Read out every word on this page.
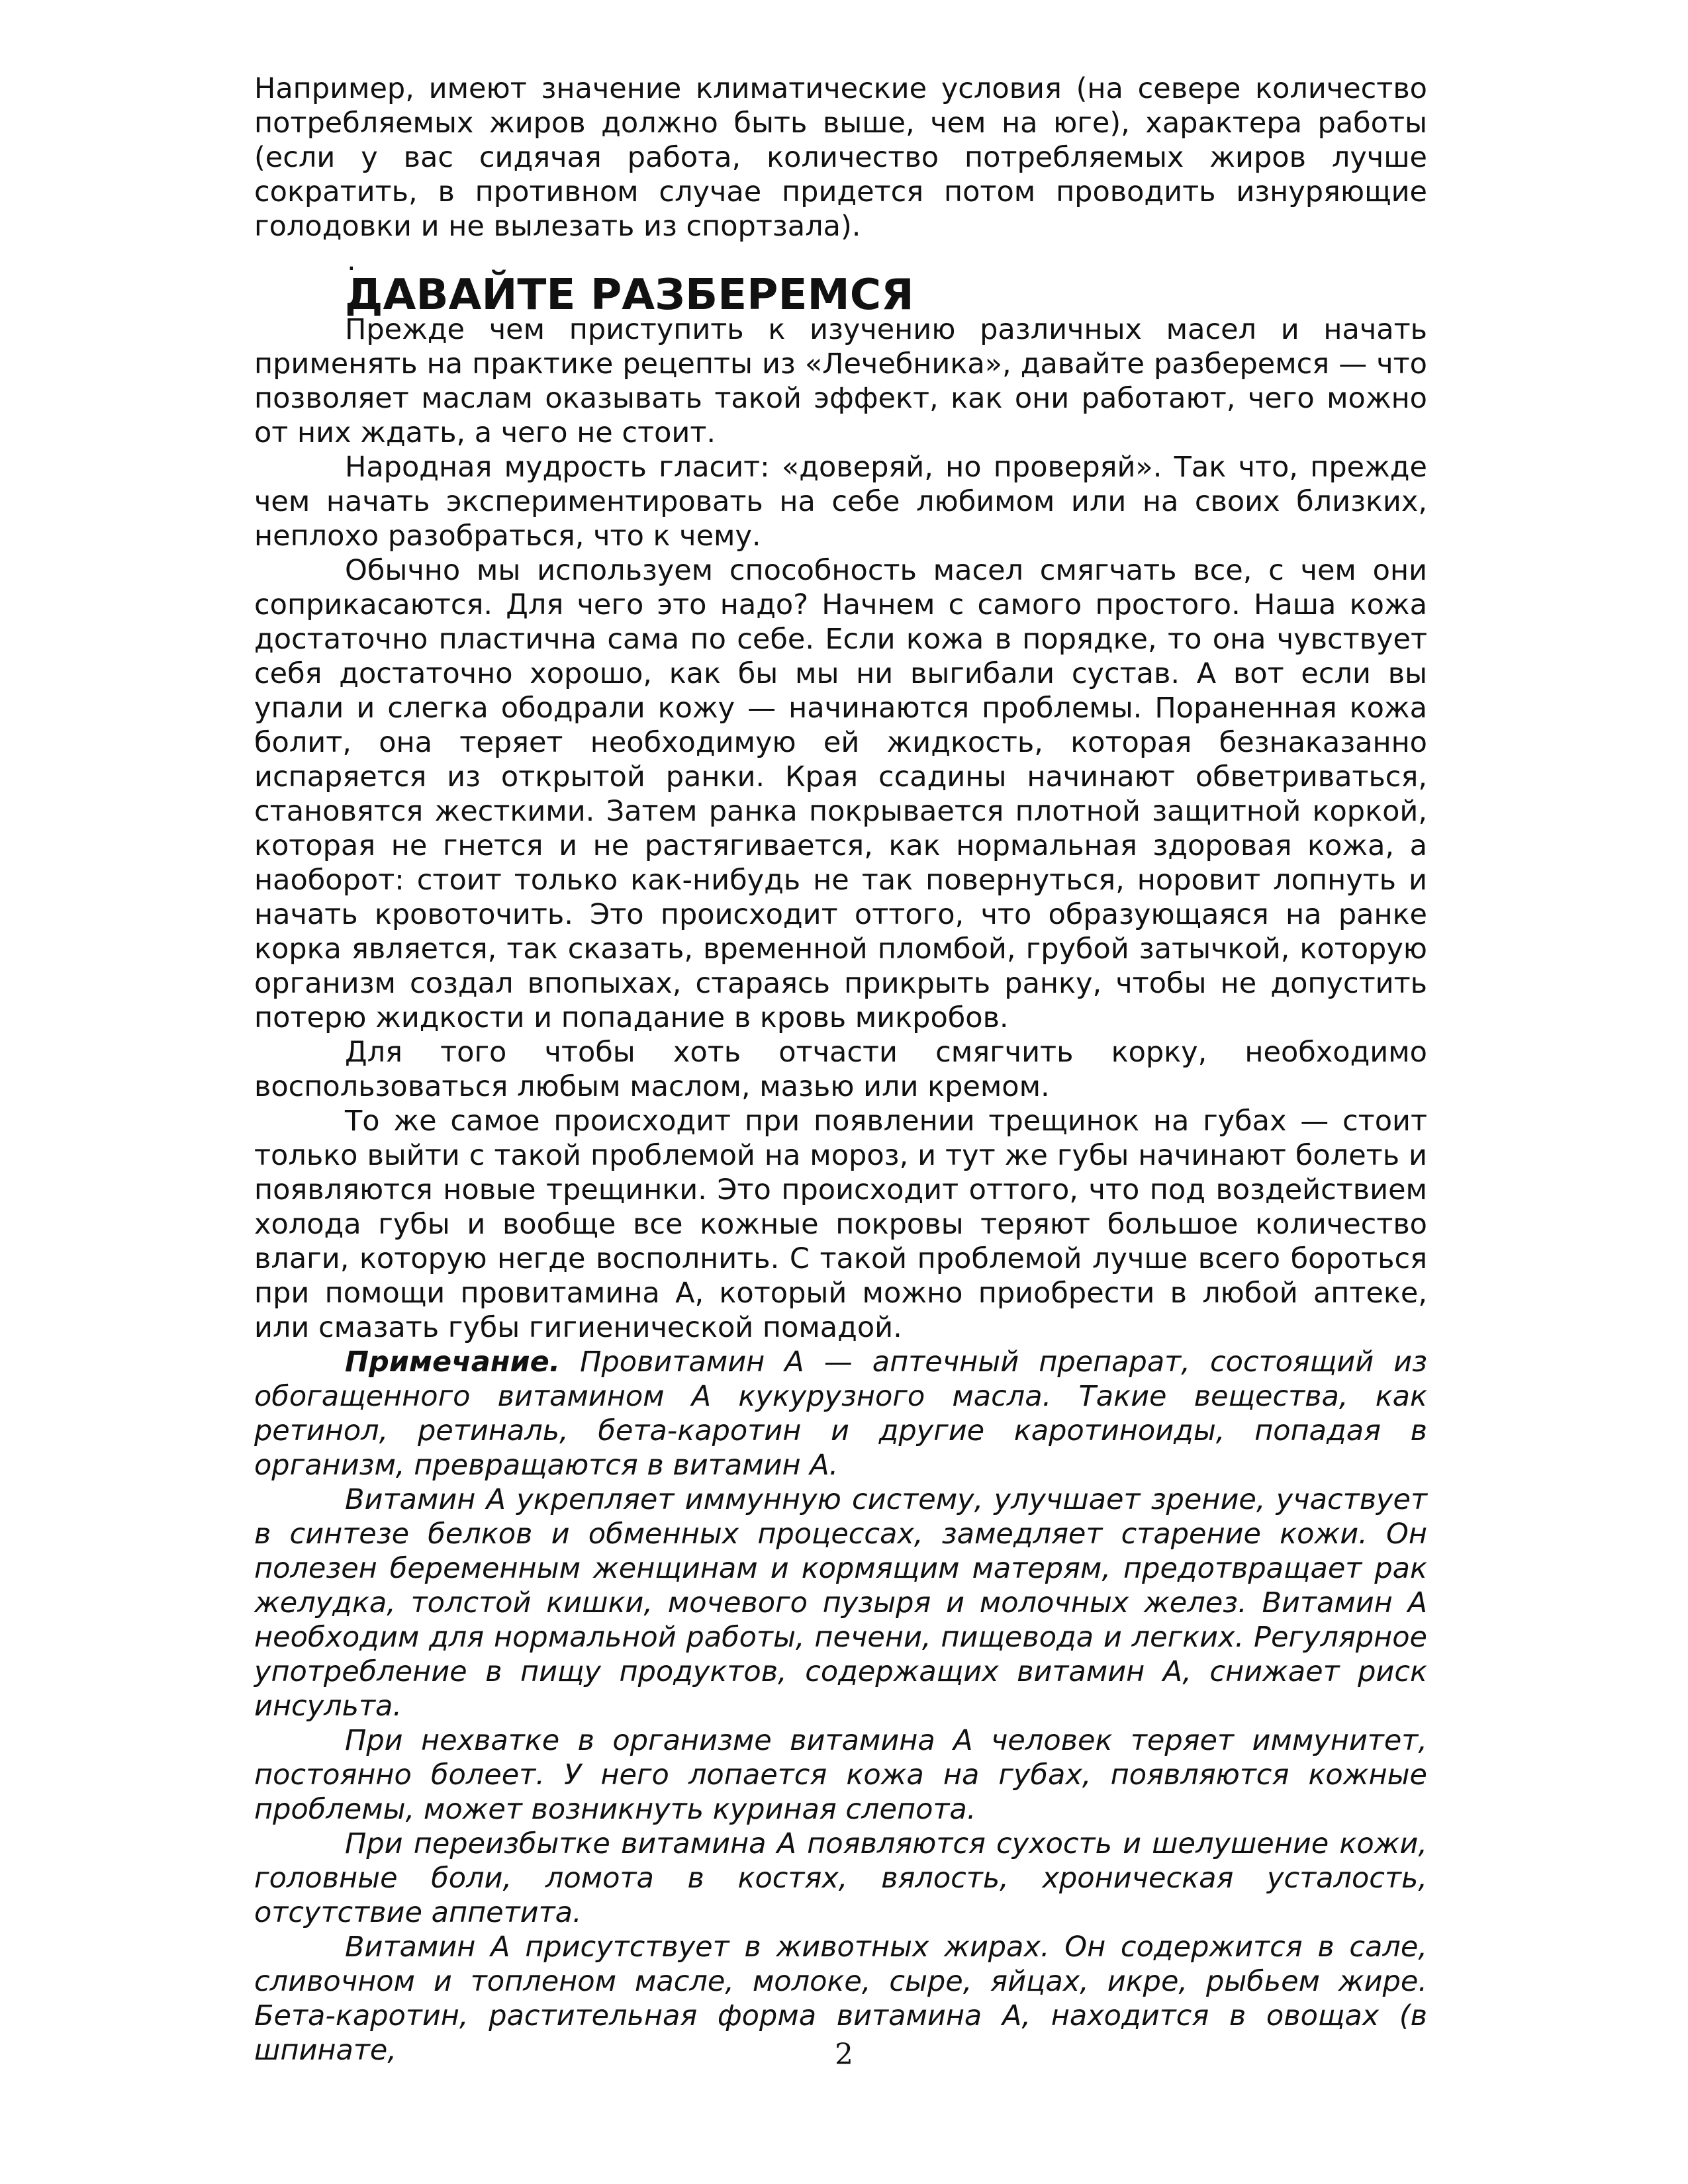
Например, имеют значение климатические условия (на севере количество потребляемых жиров должно быть выше, чем на юге), характера работы (если у вас сидячая работа, количество потребляемых жиров лучше сократить, в противном случае придется потом проводить изнуряющие голодовки и не вылезать из спортзала).

.

ДАВАЙТЕ РАЗБЕРЕМСЯ

Прежде чем приступить к изучению различных масел и начать применять на практике рецепты из «Лечебника», давайте разберемся — что позволяет маслам оказывать такой эффект, как они работают, чего можно от них ждать, а чего не стоит.

Народная мудрость гласит: «доверяй, но проверяй». Так что, прежде чем начать экспериментировать на себе любимом или на своих близких, неплохо разобраться, что к чему.

Обычно мы используем способность масел смягчать все, с чем они соприкасаются. Для чего это надо? Начнем с самого простого. Наша кожа достаточно пластична сама по себе. Если кожа в порядке, то она чувствует себя достаточно хорошо, как бы мы ни выгибали сустав. А вот если вы упали и слегка ободрали кожу — начинаются проблемы. Пораненная кожа болит, она теряет необходимую ей жидкость, которая безнаказанно испаряется из открытой ранки. Края ссадины начинают обветриваться, становятся жесткими. Затем ранка покрывается плотной защитной коркой, которая не гнется и не растягивается, как нормальная здоровая кожа, а наоборот: стоит только как-нибудь не так повернуться, норовит лопнуть и начать кровоточить. Это происходит оттого, что образующаяся на ранке корка является, так сказать, временной пломбой, грубой затычкой, которую организм создал впопыхах, стараясь прикрыть ранку, чтобы не допустить потерю жидкости и попадание в кровь микробов.

Для того чтобы хоть отчасти смягчить корку, необходимо воспользоваться любым маслом, мазью или кремом.

То же самое происходит при появлении трещинок на губах — стоит только выйти с такой проблемой на мороз, и тут же губы начинают болеть и появляются новые трещинки. Это происходит оттого, что под воздействием холода губы и вообще все кожные покровы теряют большое количество влаги, которую негде восполнить. С такой проблемой лучше всего бороться при помощи провитамина А, который можно приобрести в любой аптеке, или смазать губы гигиенической помадой.

Примечание. Провитамин А — аптечный препарат, состоящий из обогащенного витамином А кукурузного масла. Такие вещества, как ретинол, ретиналь, бета-каротин и другие каротиноиды, попадая в организм, превращаются в витамин А.

Витамин А укрепляет иммунную систему, улучшает зрение, участвует в синтезе белков и обменных процессах, замедляет старение кожи. Он полезен беременным женщинам и кормящим матерям, предотвращает рак желудка, толстой кишки, мочевого пузыря и молочных желез. Витамин А необходим для нормальной работы, печени, пищевода и легких. Регулярное употребление в пищу продуктов, содержащих витамин А, снижает риск инсульта.

При нехватке в организме витамина А человек теряет иммунитет, постоянно болеет. У него лопается кожа на губах, появляются кожные проблемы, может возникнуть куриная слепота.

При переизбытке витамина А появляются сухость и шелушение кожи, головные боли, ломота в костях, вялость, хроническая усталость, отсутствие аппетита.

Витамин А присутствует в животных жирах. Он содержится в сале, сливочном и топленом масле, молоке, сыре, яйцах, икре, рыбьем жире. Бета-каротин, растительная форма витамина А, находится в овощах (в шпинате,	2
